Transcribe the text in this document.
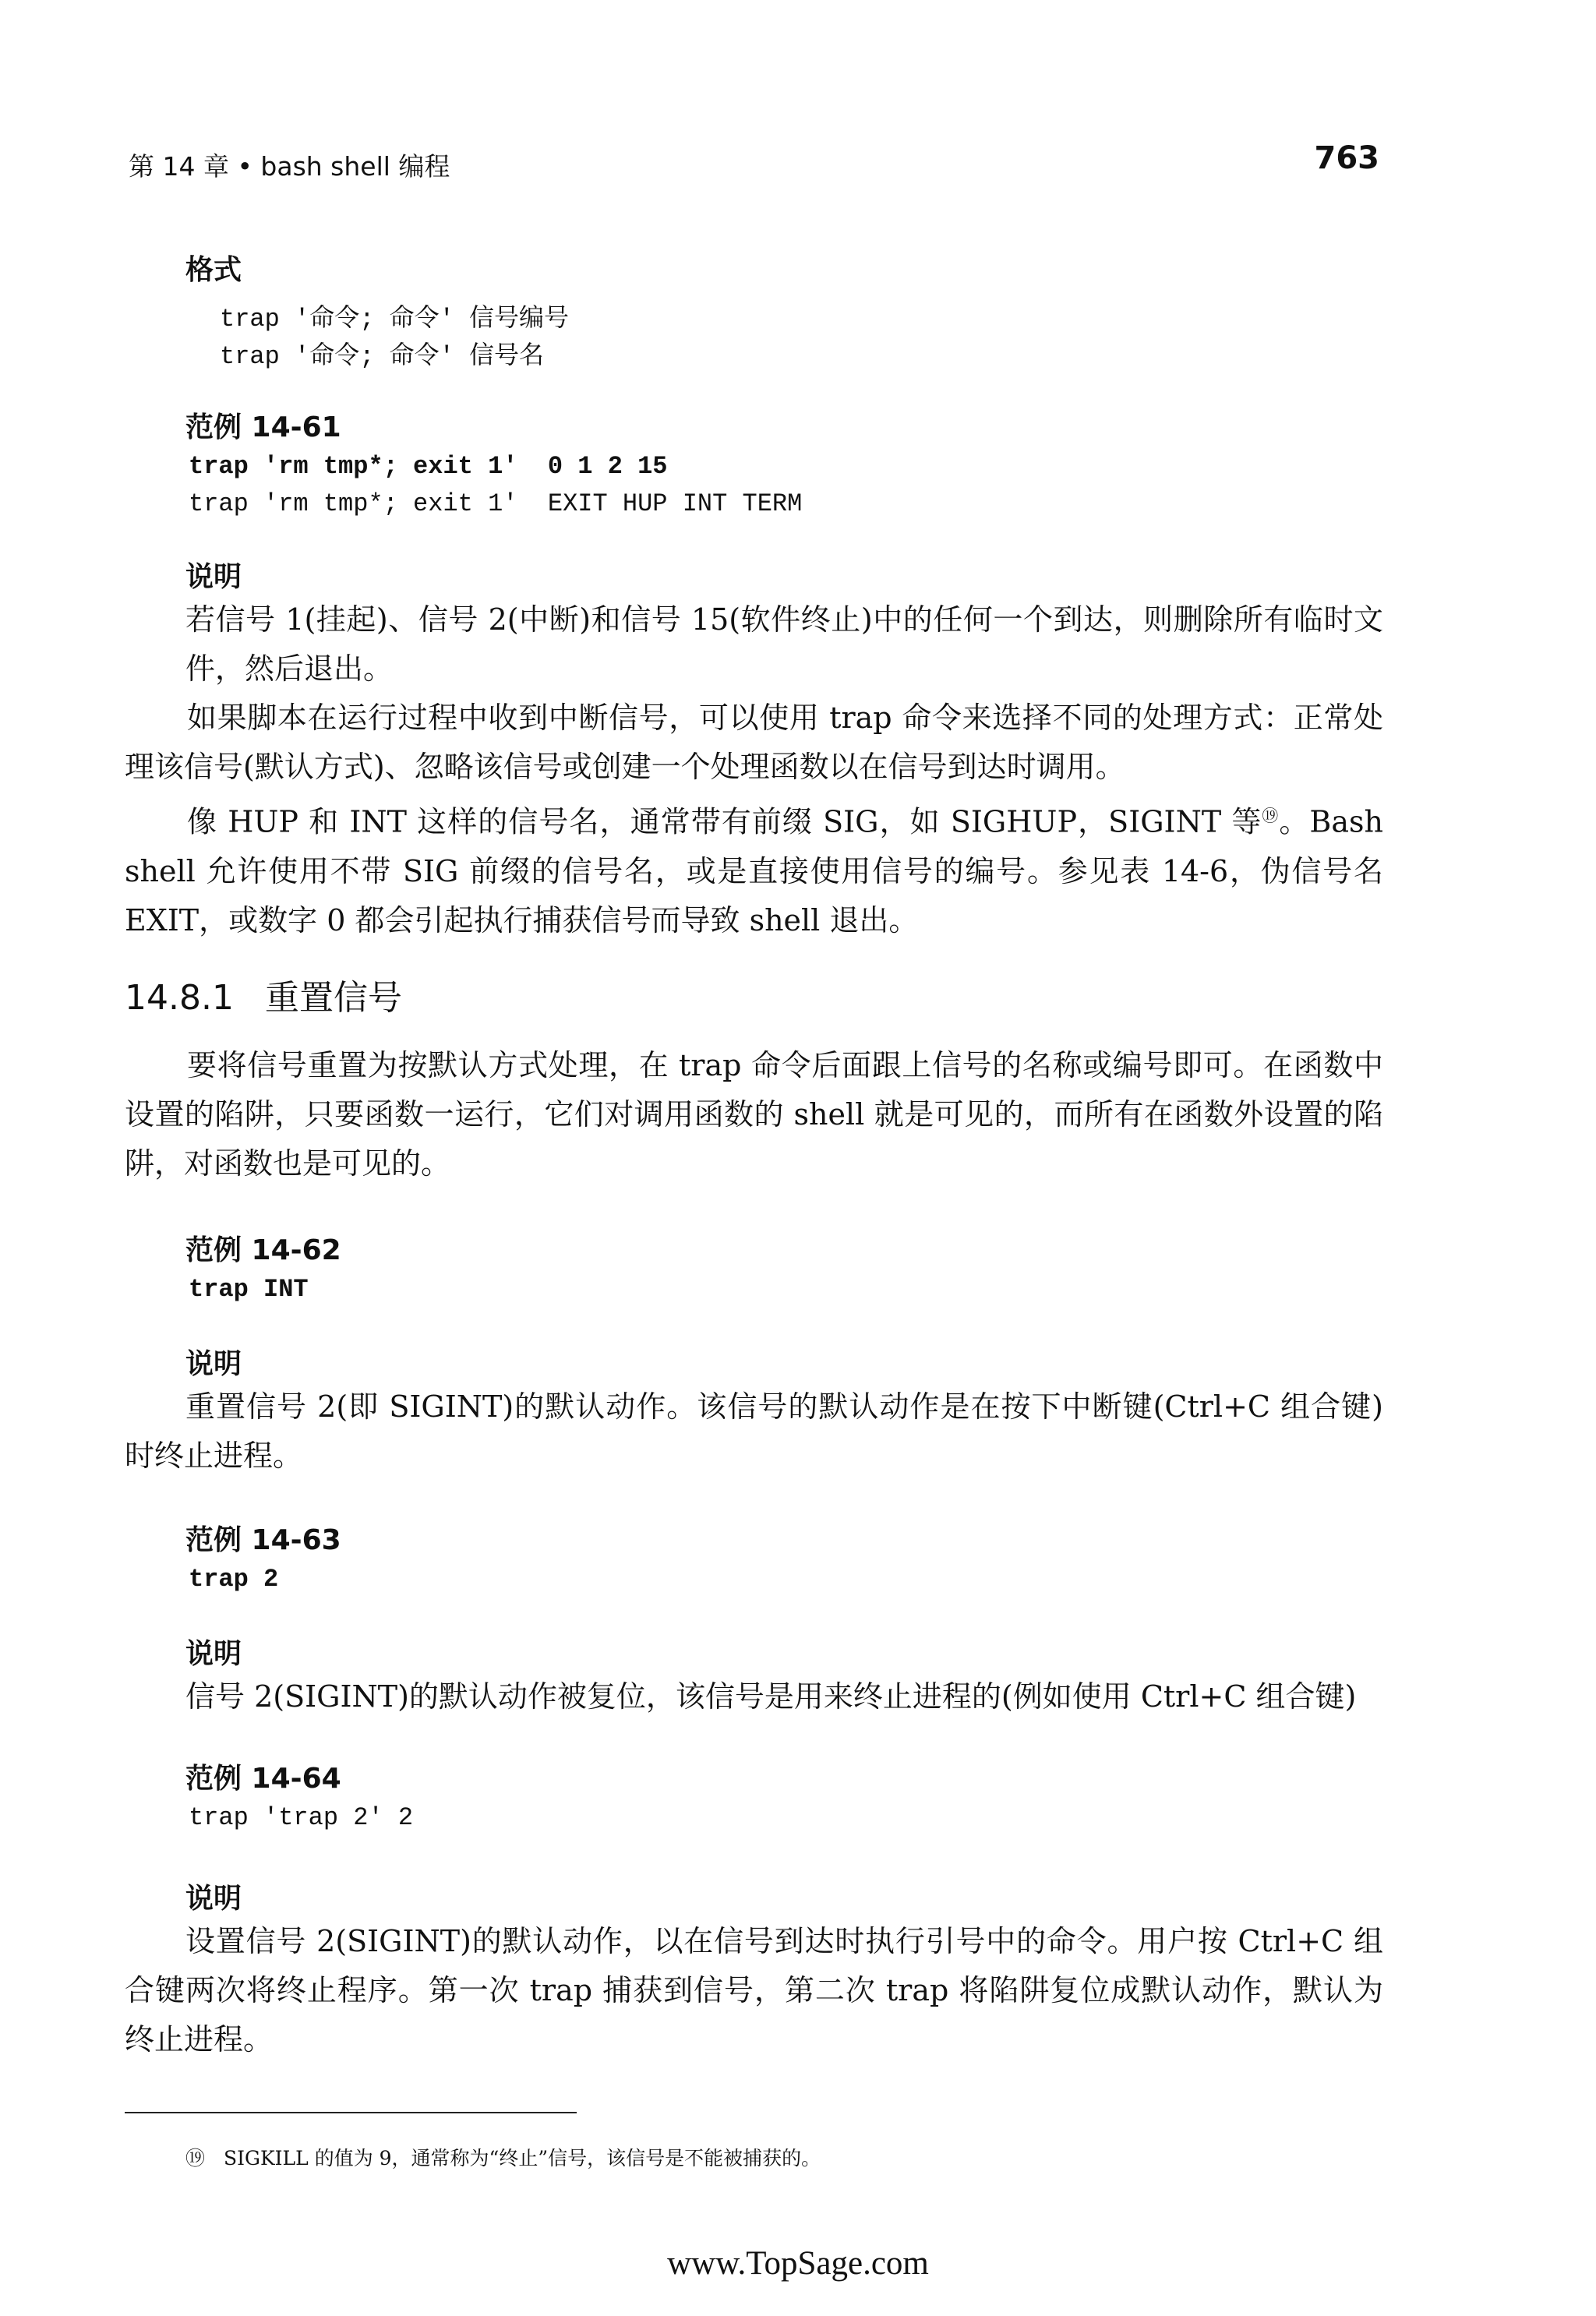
第 14 章 • bash shell 编程	763

格式

trap '命令; 命令' 信号编号

trap '命令; 命令' 信号名

范例 14-61

trap 'rm tmp*; exit 1'  0 1 2 15

trap 'rm tmp*; exit 1'  EXIT HUP INT TERM

说明

若信号 1(挂起)、信号 2(中断)和信号 15(软件终止)中的任何一个到达，则删除所有临时文件，然后退出。

如果脚本在运行过程中收到中断信号，可以使用 trap 命令来选择不同的处理方式：正常处理该信号(默认方式)、忽略该信号或创建一个处理函数以在信号到达时调用。

像 HUP 和 INT 这样的信号名，通常带有前缀 SIG，如 SIGHUP，SIGINT 等⑲。Bash shell 允许使用不带 SIG 前缀的信号名，或是直接使用信号的编号。参见表 14-6，伪信号名 EXIT，或数字 0 都会引起执行捕获信号而导致 shell 退出。

14.8.1 重置信号

要将信号重置为按默认方式处理，在 trap 命令后面跟上信号的名称或编号即可。在函数中设置的陷阱，只要函数一运行，它们对调用函数的 shell 就是可见的，而所有在函数外设置的陷阱，对函数也是可见的。

范例 14-62

trap INT

说明

重置信号 2(即 SIGINT)的默认动作。该信号的默认动作是在按下中断键(Ctrl+C 组合键)时终止进程。

范例 14-63

trap 2

说明

信号 2(SIGINT)的默认动作被复位，该信号是用来终止进程的(例如使用 Ctrl+C 组合键)

范例 14-64

trap 'trap 2' 2

说明

设置信号 2(SIGINT)的默认动作，以在信号到达时执行引号中的命令。用户按 Ctrl+C 组合键两次将终止程序。第一次 trap 捕获到信号，第二次 trap 将陷阱复位成默认动作，默认为终止进程。

⑲ SIGKILL 的值为 9，通常称为“终止”信号，该信号是不能被捕获的。

www.TopSage.com
